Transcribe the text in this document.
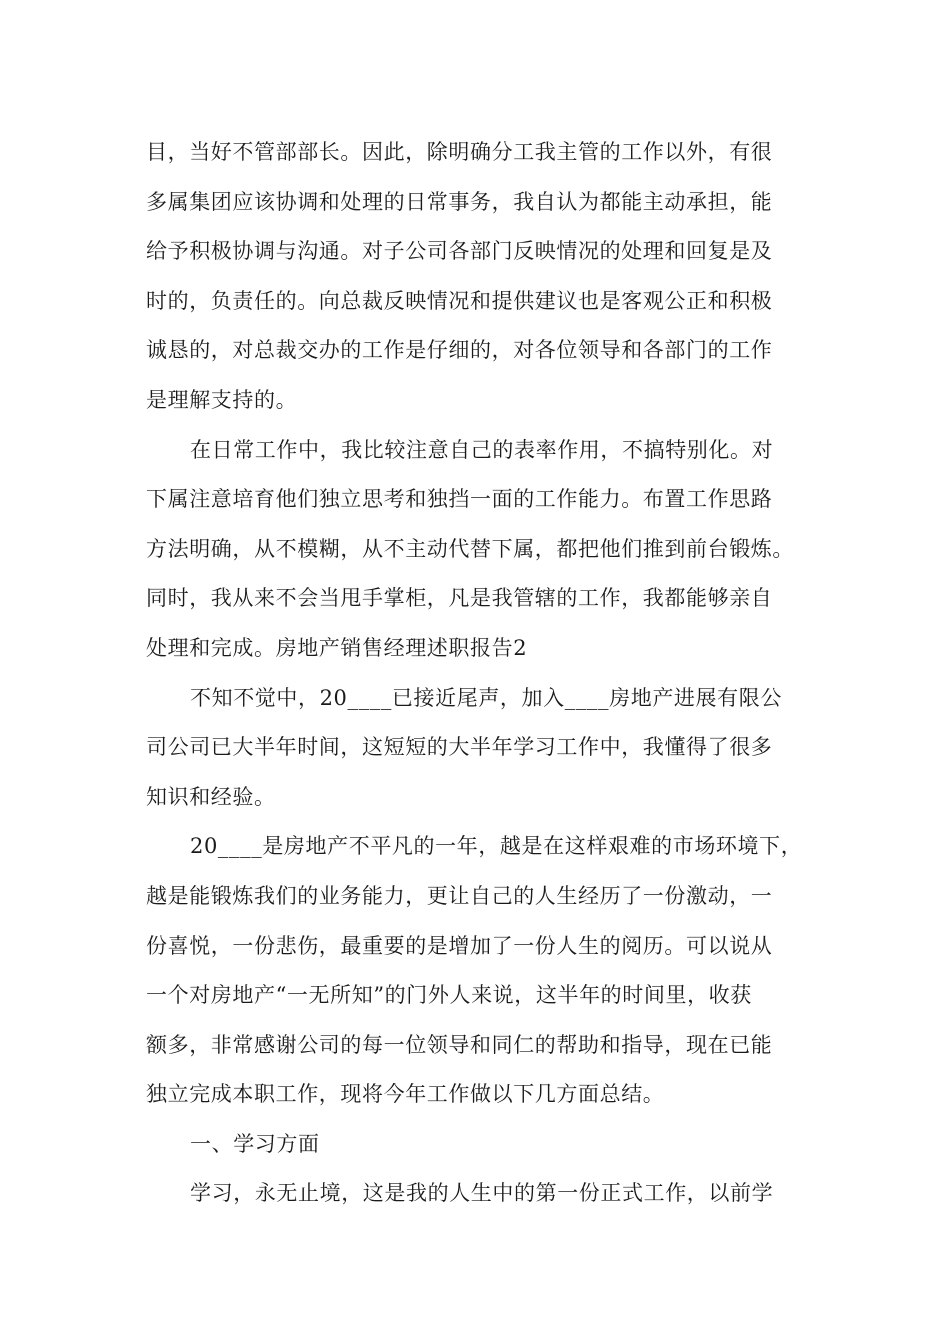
目，当好不管部部长。因此，除明确分工我主管的工作以外，有很
多属集团应该协调和处理的日常事务，我自认为都能主动承担，能
给予积极协调与沟通。对子公司各部门反映情况的处理和回复是及
时的，负责任的。向总裁反映情况和提供建议也是客观公正和积极
诚恳的，对总裁交办的工作是仔细的，对各位领导和各部门的工作
是理解支持的。
在日常工作中，我比较注意自己的表率作用，不搞特别化。对
下属注意培育他们独立思考和独挡一面的工作能力。布置工作思路
方法明确，从不模糊，从不主动代替下属，都把他们推到前台锻炼。
同时，我从来不会当甩手掌柜，凡是我管辖的工作，我都能够亲自
处理和完成。房地产销售经理述职报告2
不知不觉中，20____已接近尾声，加入____房地产进展有限公
司公司已大半年时间，这短短的大半年学习工作中，我懂得了很多
知识和经验。
20____是房地产不平凡的一年，越是在这样艰难的市场环境下，
越是能锻炼我们的业务能力，更让自己的人生经历了一份激动，一
份喜悦，一份悲伤，最重要的是增加了一份人生的阅历。可以说从
一个对房地产“一无所知”的门外人来说，这半年的时间里，收获
额多，非常感谢公司的每一位领导和同仁的帮助和指导，现在已能
独立完成本职工作，现将今年工作做以下几方面总结。
一、学习方面
学习，永无止境，这是我的人生中的第一份正式工作，以前学
